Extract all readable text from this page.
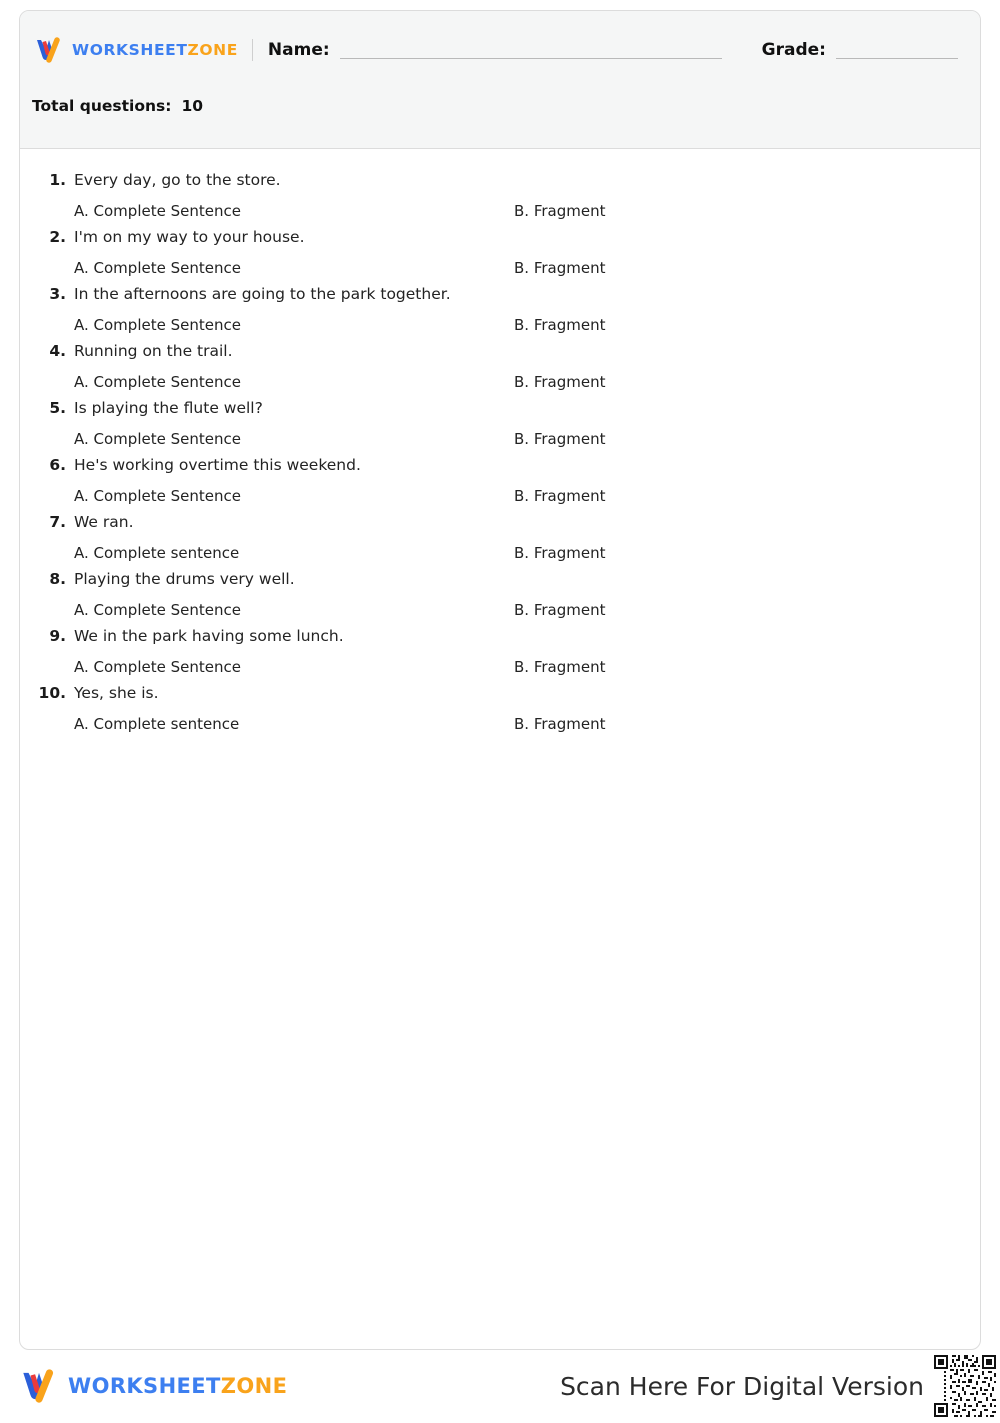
WORKSHEETZONE Name:	Grade:
Total questions: 10
1. Every day, go to the store.
A. Complete Sentence	B. Fragment
2. I'm on my way to your house.
A. Complete Sentence	B. Fragment
3. In the afternoons are going to the park together.
A. Complete Sentence	B. Fragment
4. Running on the trail.
A. Complete Sentence	B. Fragment
5. Is playing the flute well?
A. Complete Sentence	B. Fragment
6. He's working overtime this weekend.
A. Complete Sentence	B. Fragment
7. We ran.
A. Complete sentence	B. Fragment
8. Playing the drums very well.
A. Complete Sentence	B. Fragment
9. We in the park having some lunch.
A. Complete Sentence	B. Fragment
10. Yes, she is.
A. Complete sentence	B. Fragment
WORKSHEETZONE	Scan Here For Digital Version
